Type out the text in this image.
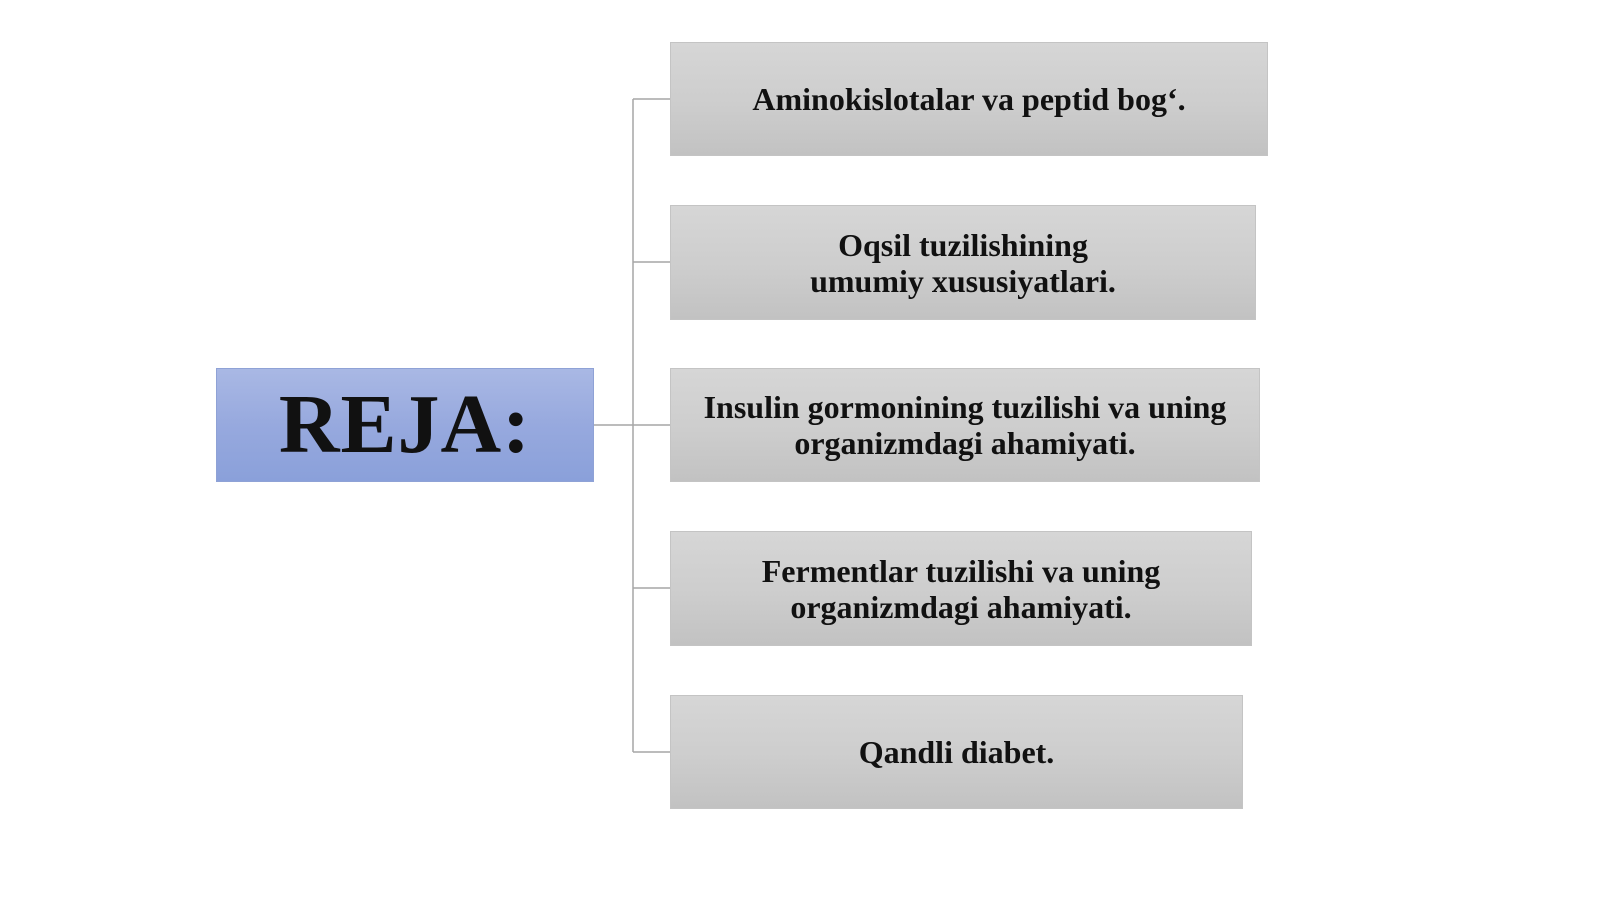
REJA:
Aminokislotalar va peptid bog‘.
Oqsil tuzilishining umumiy xususiyatlari.
Insulin gormonining tuzilishi va uning organizmdagi ahamiyati.
Fermentlar tuzilishi va uning organizmdagi ahamiyati.
Qandli diabet.
